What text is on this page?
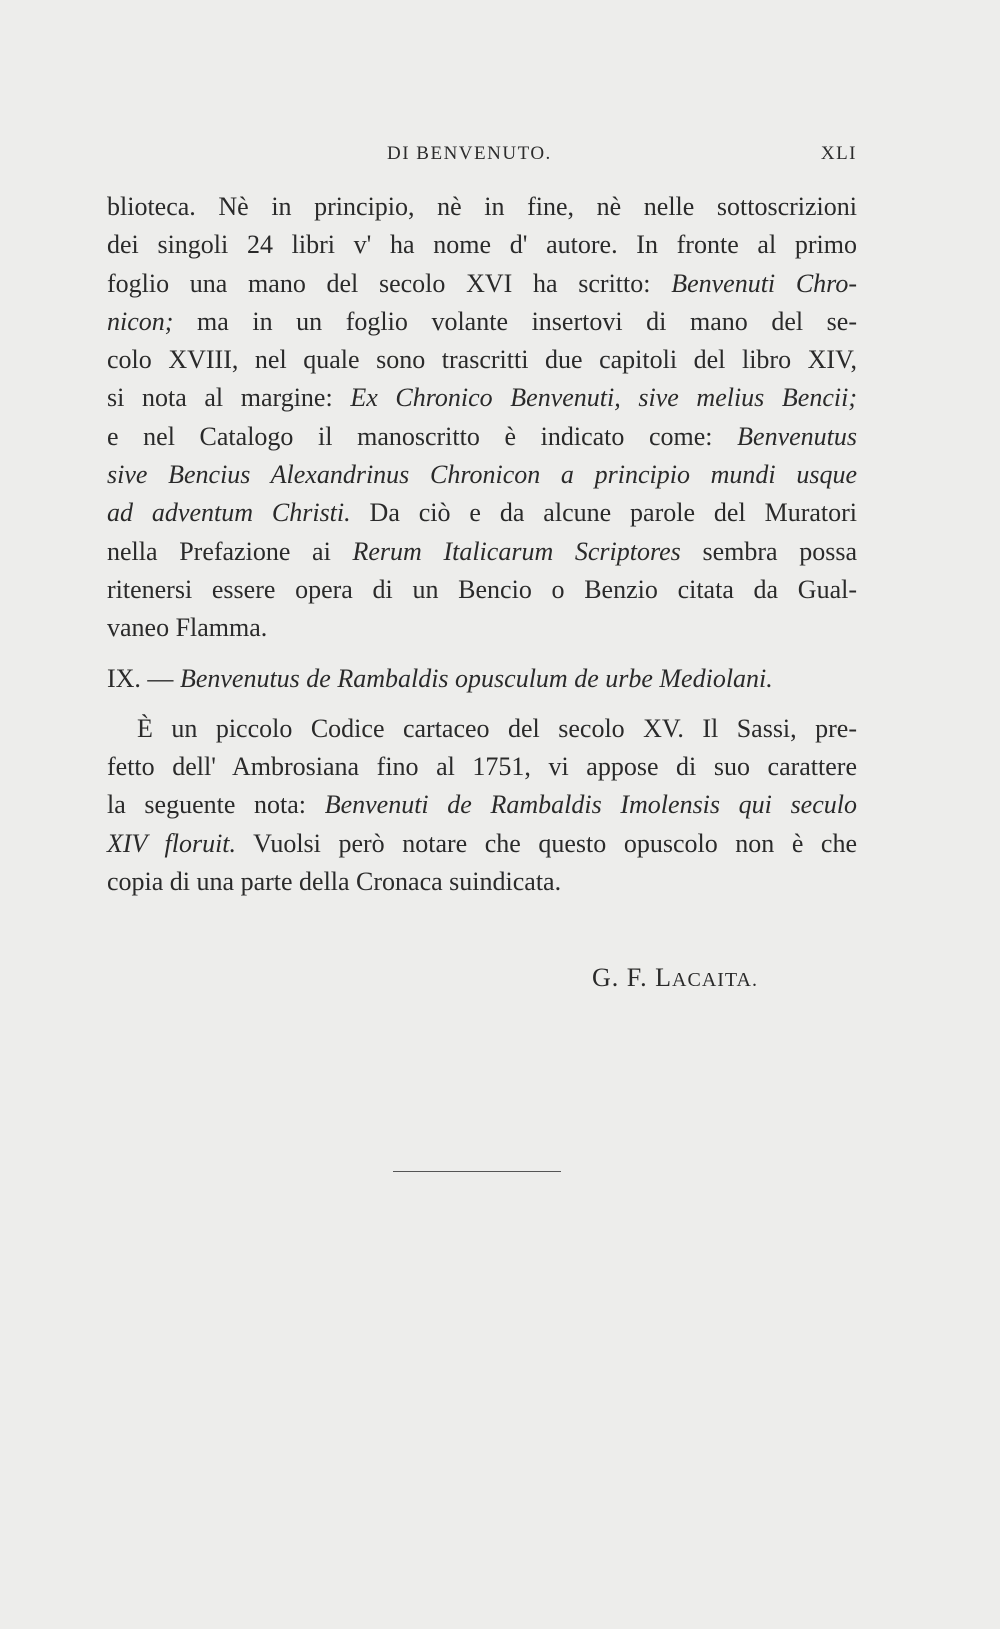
DI BENVENUTO.	XLI
blioteca. Nè in principio, nè in fine, nè nelle sottoscrizioni
dei singoli 24 libri v' ha nome d' autore. In fronte al primo
foglio una mano del secolo XVI ha scritto: Benvenuti Chro-
nicon; ma in un foglio volante insertovi di mano del se-
colo XVIII, nel quale sono trascritti due capitoli del libro XIV,
si nota al margine: Ex Chronico Benvenuti, sive melius Bencii;
e nel Catalogo il manoscritto è indicato come: Benvenutus
sive Bencius Alexandrinus Chronicon a principio mundi usque
ad adventum Christi. Da ciò e da alcune parole del Muratori
nella Prefazione ai Rerum Italicarum Scriptores sembra possa
ritenersi essere opera di un Bencio o Benzio citata da Gual-
vaneo Flamma.
IX. — Benvenutus de Rambaldis opusculum de urbe Mediolani.
È un piccolo Codice cartaceo del secolo XV. Il Sassi, pre-
fetto dell' Ambrosiana fino al 1751, vi appose di suo carattere
la seguente nota: Benvenuti de Rambaldis Imolensis qui seculo
XIV floruit. Vuolsi però notare che questo opuscolo non è che
copia di una parte della Cronaca suindicata.
G. F. LACAITA.
